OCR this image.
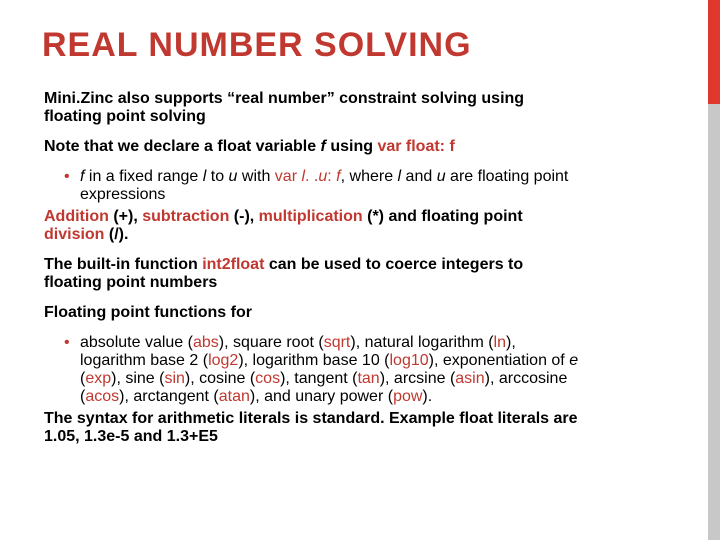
REAL NUMBER SOLVING

Mini.Zinc also supports “real number” constraint solving using
floating point solving

Note that we declare a float variable f using var float: f

• f in a fixed range l to u with var l. .u: f, where l and u are floating point
expressions

Addition (+), subtraction (-), multiplication (*) and floating point
division (/).

The built-in function int2float can be used to coerce integers to
floating point numbers

Floating point functions for

• absolute value (abs), square root (sqrt), natural logarithm (ln),
logarithm base 2 (log2), logarithm base 10 (log10), exponentiation of e
(exp), sine (sin), cosine (cos), tangent (tan), arcsine (asin), arccosine
(acos), arctangent (atan), and unary power (pow).

The syntax for arithmetic literals is standard. Example float literals are
1.05, 1.3e-5 and 1.3+E5
